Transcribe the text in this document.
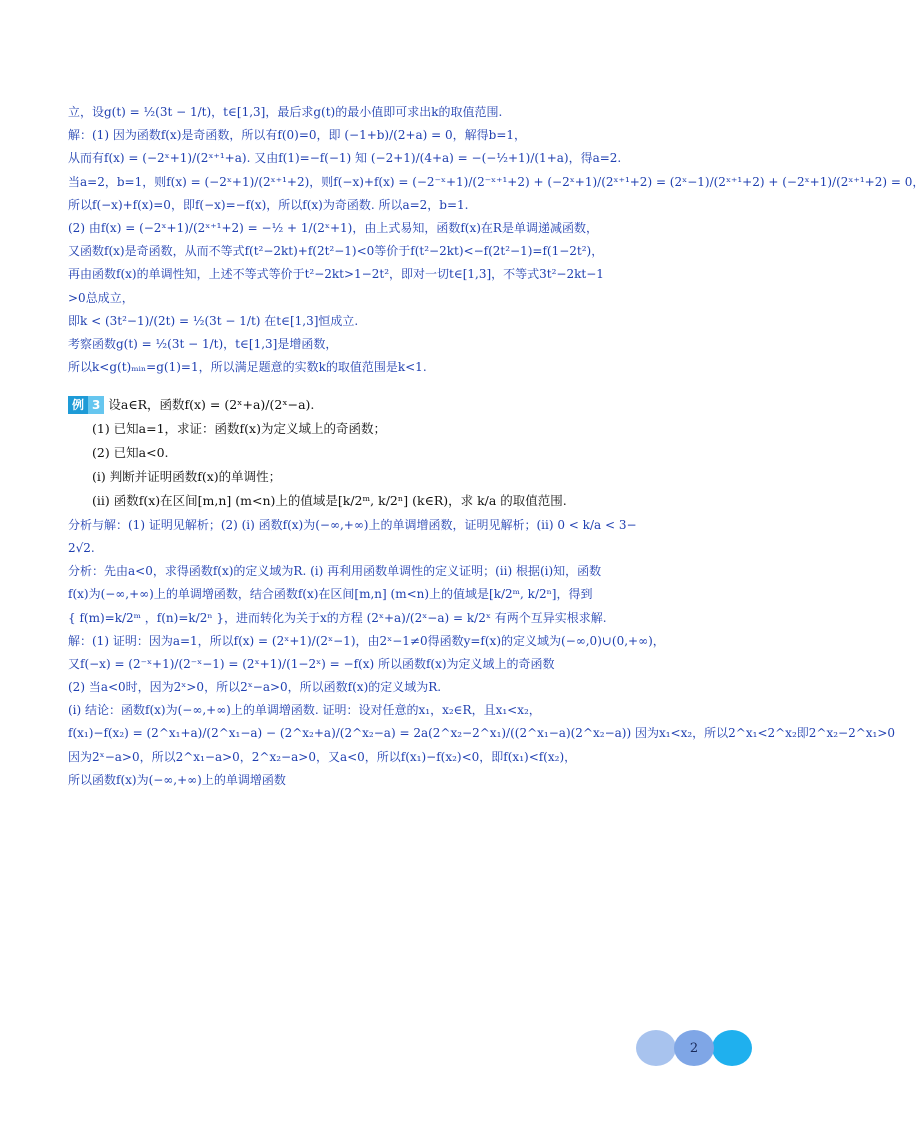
立，设g(t) = ½(3t − 1/t)，t∈[1,3]，最后求g(t)的最小值即可求出k的取值范围.

解：(1) 因为函数f(x)是奇函数，所以有f(0)=0，即 (−1+b)/(2+a) = 0，解得b=1，

从而有f(x) = (−2ˣ+1)/(2ˣ⁺¹+a). 又由f(1)=−f(−1) 知 (−2+1)/(4+a) = −(−½+1)/(1+a)，得a=2.

当a=2，b=1，则f(x) = (−2ˣ+1)/(2ˣ⁺¹+2)，则f(−x)+f(x) = (−2⁻ˣ+1)/(2⁻ˣ⁺¹+2) + (−2ˣ+1)/(2ˣ⁺¹+2) = (2ˣ−1)/(2ˣ⁺¹+2) + (−2ˣ+1)/(2ˣ⁺¹+2) = 0，

所以f(−x)+f(x)=0，即f(−x)=−f(x)，所以f(x)为奇函数. 所以a=2，b=1.

(2) 由f(x) = (−2ˣ+1)/(2ˣ⁺¹+2) = −½ + 1/(2ˣ+1)，由上式易知，函数f(x)在R是单调递减函数，

又函数f(x)是奇函数，从而不等式f(t²−2kt)+f(2t²−1)<0等价于f(t²−2kt)<−f(2t²−1)=f(1−2t²)，

再由函数f(x)的单调性知，上述不等式等价于t²−2kt>1−2t²，即对一切t∈[1,3]，不等式3t²−2kt−1

>0总成立，

即k < (3t²−1)/(2t) = ½(3t − 1/t) 在t∈[1,3]恒成立.

考察函数g(t) = ½(3t − 1/t)，t∈[1,3]是增函数，

所以k<g(t)ₘᵢₙ=g(1)=1，所以满足题意的实数k的取值范围是k<1.

例 3 设a∈R，函数f(x) = (2ˣ+a)/(2ˣ−a).

(1) 已知a=1，求证：函数f(x)为定义域上的奇函数；

(2) 已知a<0.

(i) 判断并证明函数f(x)的单调性；

(ii) 函数f(x)在区间[m,n] (m<n)上的值域是[k/2ᵐ, k/2ⁿ] (k∈R)，求 k/a 的取值范围.

分析与解：(1) 证明见解析；(2) (i) 函数f(x)为(−∞,+∞)上的单调增函数，证明见解析；(ii) 0 < k/a < 3−

2√2.

分析：先由a<0，求得函数f(x)的定义域为R. (i) 再利用函数单调性的定义证明；(ii) 根据(i)知，函数

f(x)为(−∞,+∞)上的单调增函数，结合函数f(x)在区间[m,n] (m<n)上的值域是[k/2ᵐ, k/2ⁿ]，得到

{ f(m)=k/2ᵐ ，f(n)=k/2ⁿ }，进而转化为关于x的方程 (2ˣ+a)/(2ˣ−a) = k/2ˣ 有两个互异实根求解.

解：(1) 证明：因为a=1，所以f(x) = (2ˣ+1)/(2ˣ−1)，由2ˣ−1≠0得函数y=f(x)的定义域为(−∞,0)∪(0,+∞)，

又f(−x) = (2⁻ˣ+1)/(2⁻ˣ−1) = (2ˣ+1)/(1−2ˣ) = −f(x) 所以函数f(x)为定义域上的奇函数

(2) 当a<0时，因为2ˣ>0，所以2ˣ−a>0，所以函数f(x)的定义域为R.

(i) 结论：函数f(x)为(−∞,+∞)上的单调增函数. 证明：设对任意的x₁，x₂∈R，且x₁<x₂，

f(x₁)−f(x₂) = (2^x₁+a)/(2^x₁−a) − (2^x₂+a)/(2^x₂−a) = 2a(2^x₂−2^x₁)/((2^x₁−a)(2^x₂−a)) 因为x₁<x₂，所以2^x₁<2^x₂即2^x₂−2^x₁>0

因为2ˣ−a>0，所以2^x₁−a>0，2^x₂−a>0，又a<0，所以f(x₁)−f(x₂)<0，即f(x₁)<f(x₂)，

所以函数f(x)为(−∞,+∞)上的单调增函数

2
